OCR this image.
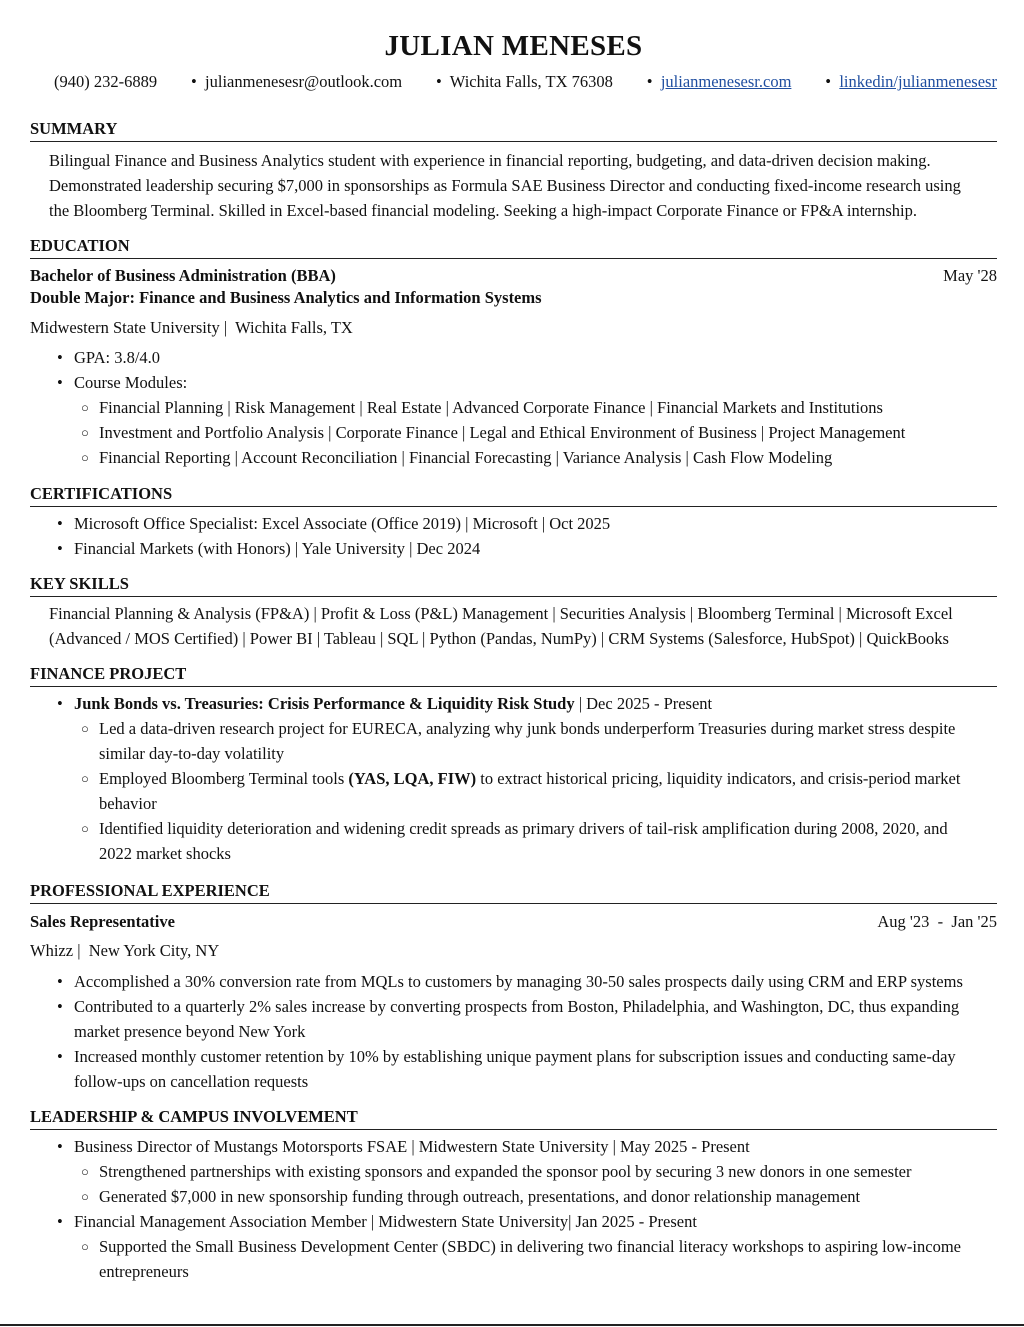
JULIAN MENESES
(940) 232-6889 •  julianmenesesr@outlook.com •  Wichita Falls, TX 76308 •  julianmenesesr.com •  linkedin/julianmenesesr
SUMMARY

Bilingual Finance and Business Analytics student with experience in financial reporting, budgeting, and data-driven decision making.

Demonstrated leadership securing $7,000 in sponsorships as Formula SAE Business Director and conducting fixed-income research using

the Bloomberg Terminal. Skilled in Excel-based financial modeling. Seeking a high-impact Corporate Finance or FP&A internship.

EDUCATION
Bachelor of Business Administration (BBA)	May '28
Double Major: Finance and Business Analytics and Information Systems
Midwestern State University |  Wichita Falls, TX
• GPA: 3.8/4.0
• Course Modules:
○ Financial Planning | Risk Management | Real Estate | Advanced Corporate Finance | Financial Markets and Institutions
○ Investment and Portfolio Analysis | Corporate Finance | Legal and Ethical Environment of Business | Project Management
○ Financial Reporting | Account Reconciliation | Financial Forecasting | Variance Analysis | Cash Flow Modeling
CERTIFICATIONS
• Microsoft Office Specialist: Excel Associate (Office 2019) | Microsoft | Oct 2025
• Financial Markets (with Honors) | Yale University | Dec 2024
KEY SKILLS

Financial Planning & Analysis (FP&A) | Profit & Loss (P&L) Management | Securities Analysis | Bloomberg Terminal | Microsoft Excel

(Advanced / MOS Certified) | Power BI | Tableau | SQL | Python (Pandas, NumPy) | CRM Systems (Salesforce, HubSpot) | QuickBooks

FINANCE PROJECT
• Junk Bonds vs. Treasuries: Crisis Performance & Liquidity Risk Study | Dec 2025 - Present
○ Led a data-driven research project for EURECA, analyzing why junk bonds underperform Treasuries during market stress despite
similar day-to-day volatility
○ Employed Bloomberg Terminal tools (YAS, LQA, FIW) to extract historical pricing, liquidity indicators, and crisis-period market
behavior
○ Identified liquidity deterioration and widening credit spreads as primary drivers of tail-risk amplification during 2008, 2020, and
2022 market shocks
PROFESSIONAL EXPERIENCE
Sales Representative	Aug '23 - Jan '25
Whizz |  New York City, NY
• Accomplished a 30% conversion rate from MQLs to customers by managing 30-50 sales prospects daily using CRM and ERP systems
• Contributed to a quarterly 2% sales increase by converting prospects from Boston, Philadelphia, and Washington, DC, thus expanding
market presence beyond New York
• Increased monthly customer retention by 10% by establishing unique payment plans for subscription issues and conducting same-day
follow-ups on cancellation requests
LEADERSHIP & CAMPUS INVOLVEMENT
• Business Director of Mustangs Motorsports FSAE | Midwestern State University | May 2025 - Present
○ Strengthened partnerships with existing sponsors and expanded the sponsor pool by securing 3 new donors in one semester
○ Generated $7,000 in new sponsorship funding through outreach, presentations, and donor relationship management
• Financial Management Association Member | Midwestern State University| Jan 2025 - Present
○ Supported the Small Business Development Center (SBDC) in delivering two financial literacy workshops to aspiring low-income
entrepreneurs
